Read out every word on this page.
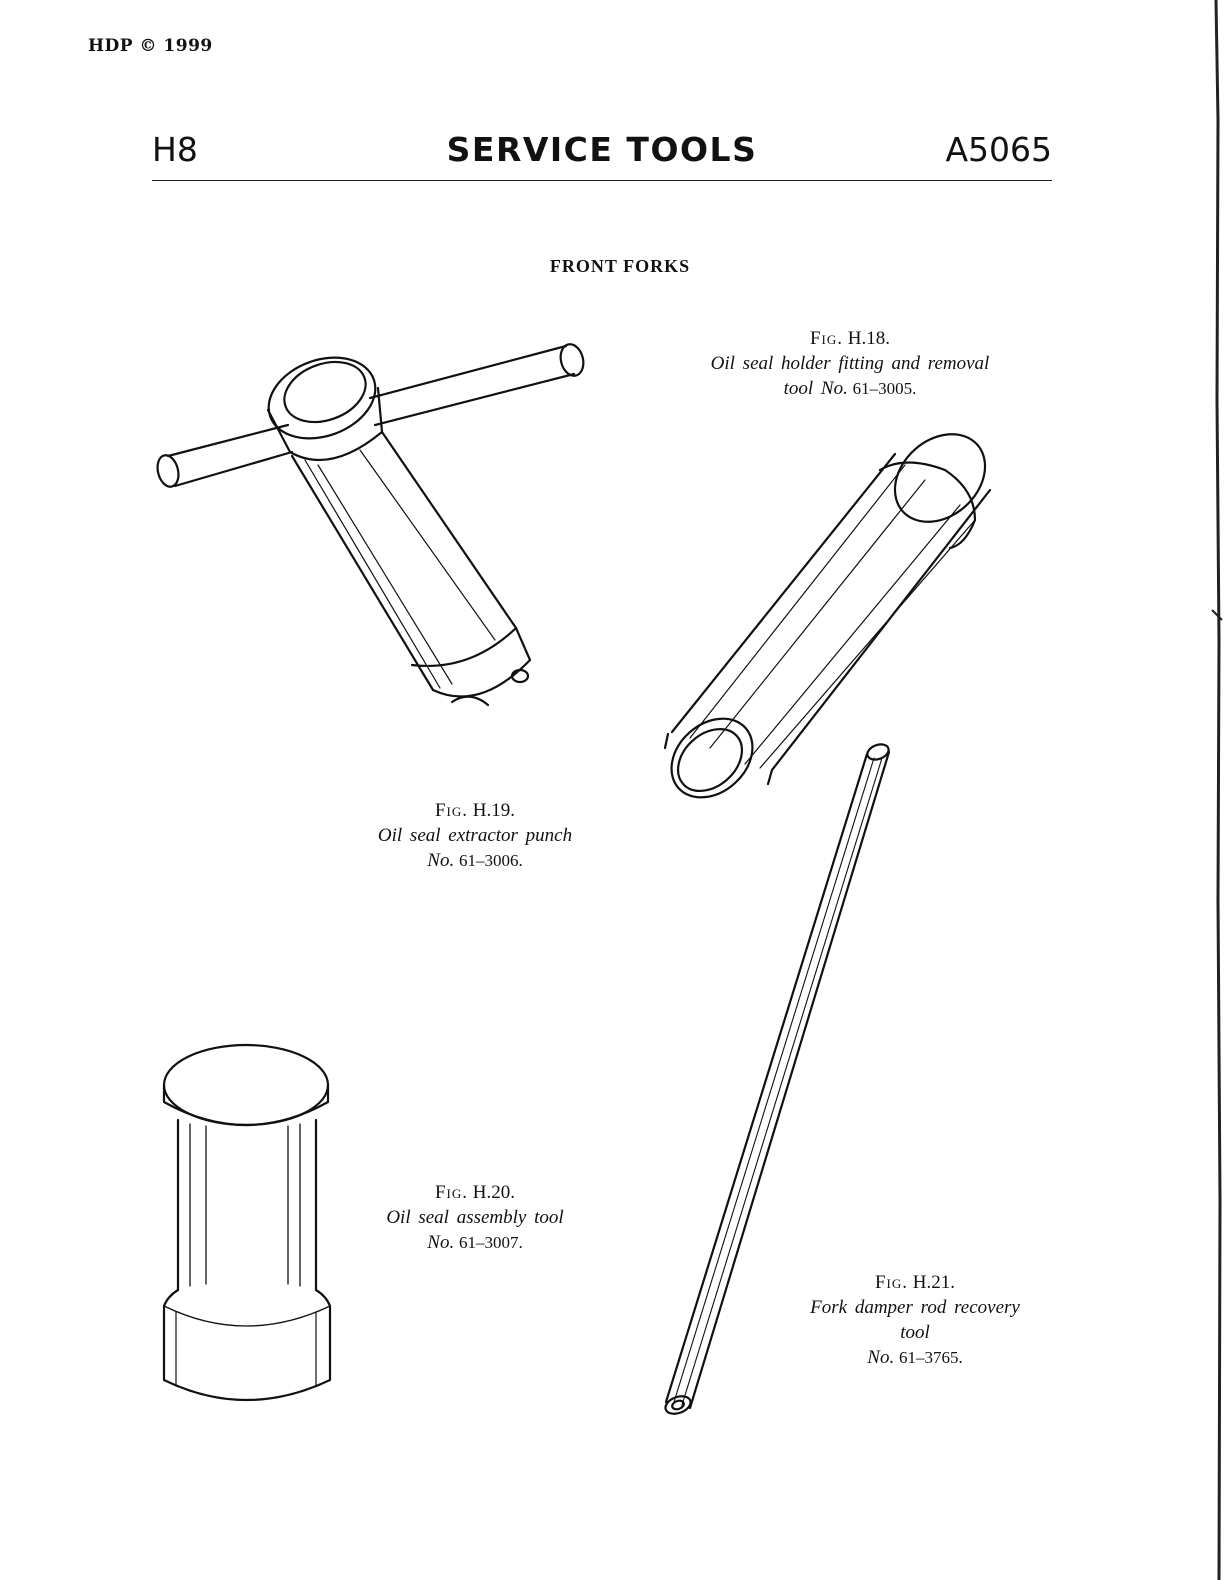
HDP © 1999
H8	SERVICE TOOLS	A5065
FRONT FORKS
Fig. H.18.
Oil seal holder fitting and removal
tool No. 61–3005.
Fig. H.19.
Oil seal extractor punch
No. 61–3006.
Fig. H.20.
Oil seal assembly tool
No. 61–3007.
Fig. H.21.
Fork damper rod recovery
tool
No. 61–3765.
